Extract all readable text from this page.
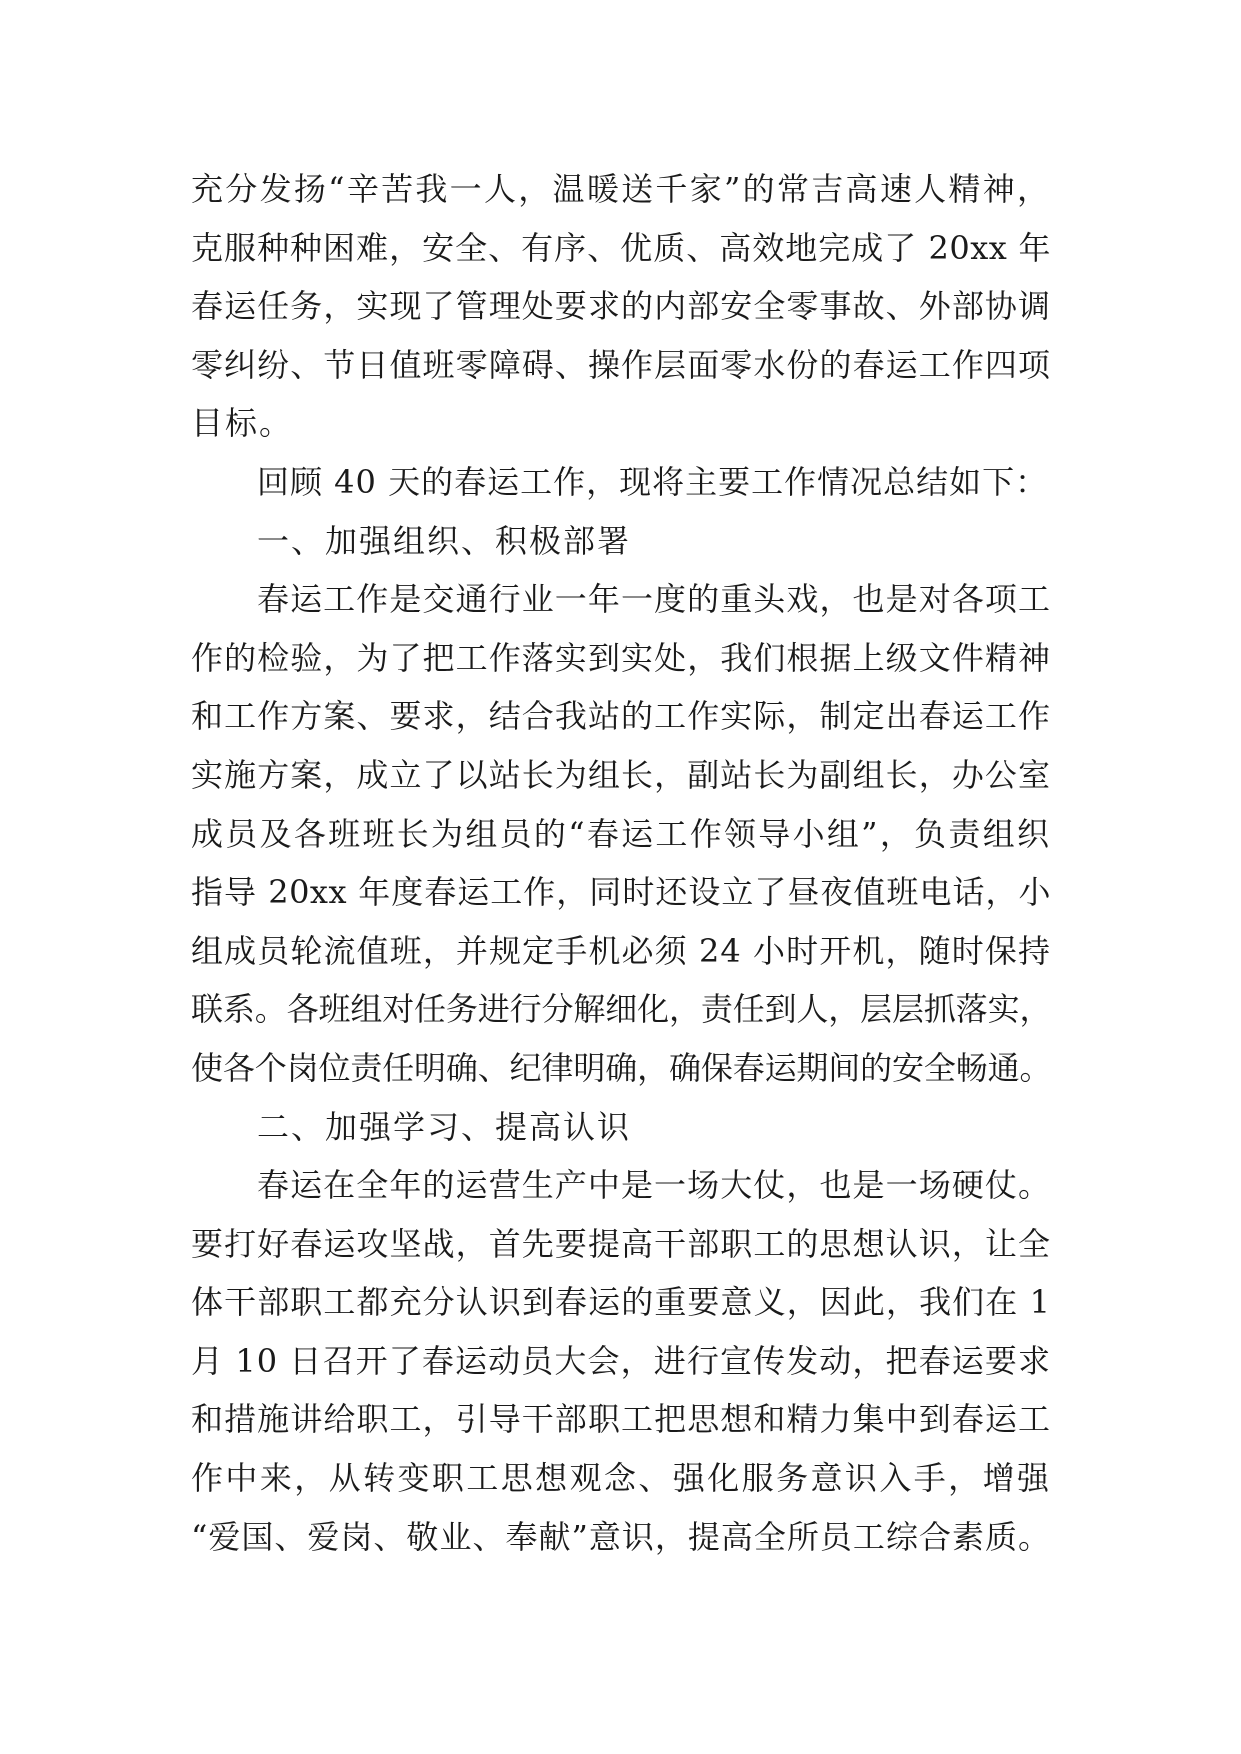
充分发扬“辛苦我一人，温暖送千家”的常吉高速人精神，
克服种种困难，安全、有序、优质、高效地完成了 20xx 年
春运任务，实现了管理处要求的内部安全零事故、外部协调
零纠纷、节日值班零障碍、操作层面零水份的春运工作四项
目标。
回顾 40 天的春运工作，现将主要工作情况总结如下：
一、加强组织、积极部署
春运工作是交通行业一年一度的重头戏，也是对各项工
作的检验，为了把工作落实到实处，我们根据上级文件精神
和工作方案、要求，结合我站的工作实际，制定出春运工作
实施方案，成立了以站长为组长，副站长为副组长，办公室
成员及各班班长为组员的“春运工作领导小组”，负责组织
指导 20xx 年度春运工作，同时还设立了昼夜值班电话，小
组成员轮流值班，并规定手机必须 24 小时开机，随时保持
联系。各班组对任务进行分解细化，责任到人，层层抓落实，
使各个岗位责任明确、纪律明确，确保春运期间的安全畅通。
二、加强学习、提高认识
春运在全年的运营生产中是一场大仗，也是一场硬仗。
要打好春运攻坚战，首先要提高干部职工的思想认识，让全
体干部职工都充分认识到春运的重要意义，因此，我们在 1
月 10 日召开了春运动员大会，进行宣传发动，把春运要求
和措施讲给职工，引导干部职工把思想和精力集中到春运工
作中来，从转变职工思想观念、强化服务意识入手，增强
“爱国、爱岗、敬业、奉献”意识，提高全所员工综合素质。
